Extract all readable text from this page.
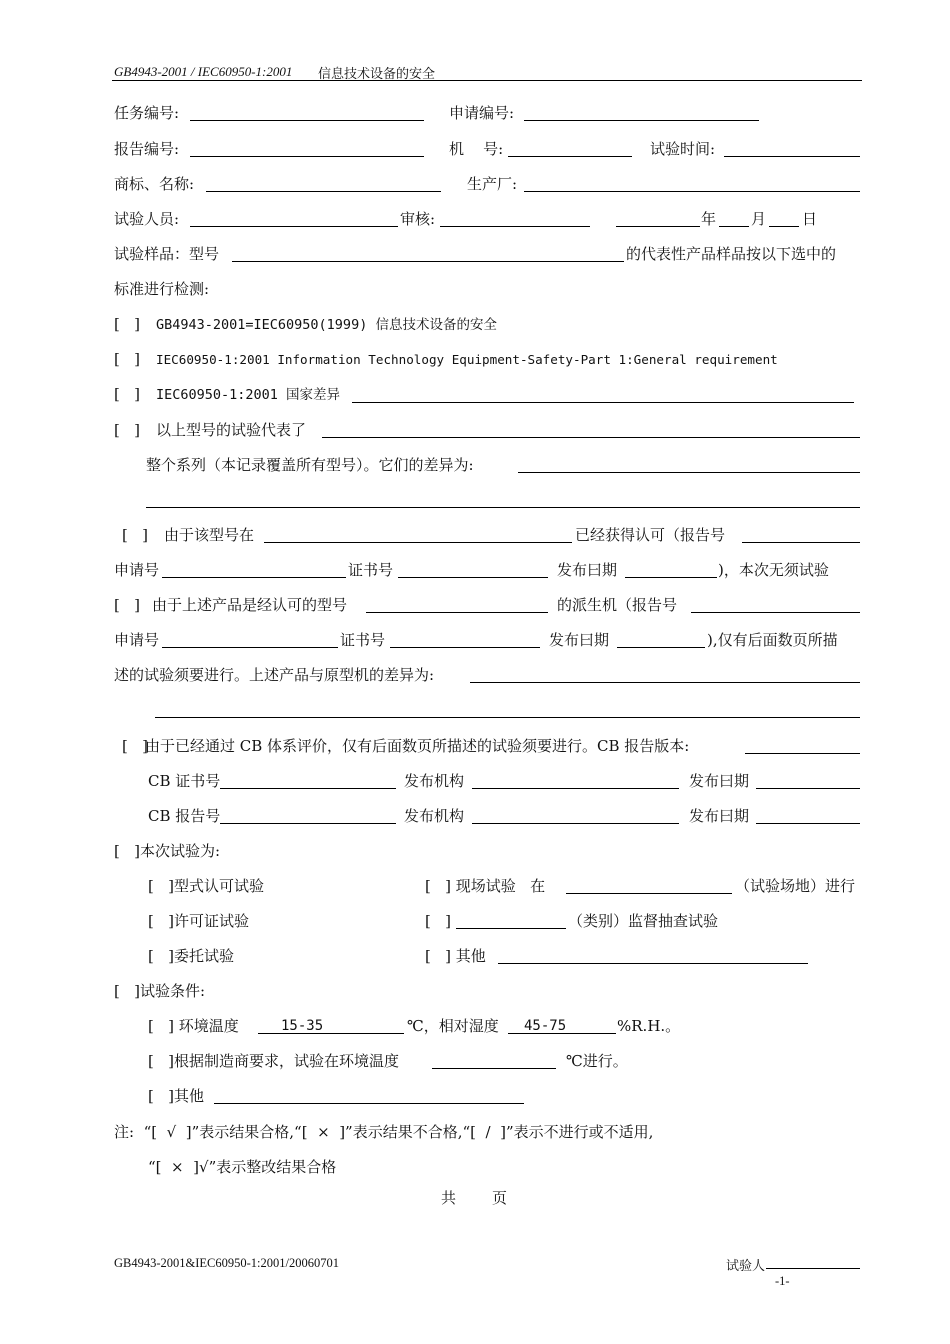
GB4943-2001 / IEC60950-1:2001 信息技术设备的安全
任务编号:	申请编号:
报告编号:	机    号:	试验时间:
商标、名称:	生产厂:
试验人员:	审核:	年 月 日
试验样品：型号	的代表性产品样品按以下选中的
标准进行检测:
[   ] GB4943-2001=IEC60950(1999) 信息技术设备的安全
[   ] IEC60950-1:2001 Information Technology Equipment-Safety-Part 1:General requirement
[   ] IEC60950-1:2001 国家差异
[   ] 以上型号的试验代表了
整个系列（本记录覆盖所有型号）。它们的差异为:
[   ] 由于该型号在	已经获得认可（报告号
申请号	证书号	发布曰期	)，本次无须试验
[   ] 由于上述产品是经认可的型号	的派生机（报告号
申请号	证书号	发布曰期	),仅有后面数页所描
述的试验须要进行。上述产品与原型机的差异为:
[   ]
由于已经通过 CB 体系评价，仅有后面数页所描述的试验须要进行。CB 报告版本:
CB 证书号	发布机构	发布曰期
CB 报告号	发布机构	发布曰期
[   ]本次试验为:
[   ]型式认可试验	[   ] 现场试验   在	（试验场地）进行
[   ]许可证试验	[   ]	（类别）监督抽查试验
[   ]委托试验	[   ] 其他
[   ]试验条件:
[   ] 环境温度	15-35	℃，相对湿度 45-75	%R.H.。
[   ]根据制造商要求，试验在环境温度	℃进行。
[   ]其他
注:  “[  √  ]”表示结果合格,“[  ×  ]”表示结果不合格,“[  /  ]”表示不进行或不适用,
“[  ×  ]√”表示整改结果合格
共 页
GB4943-2001&IEC60950-1:2001/20060701	试验人
-1-
